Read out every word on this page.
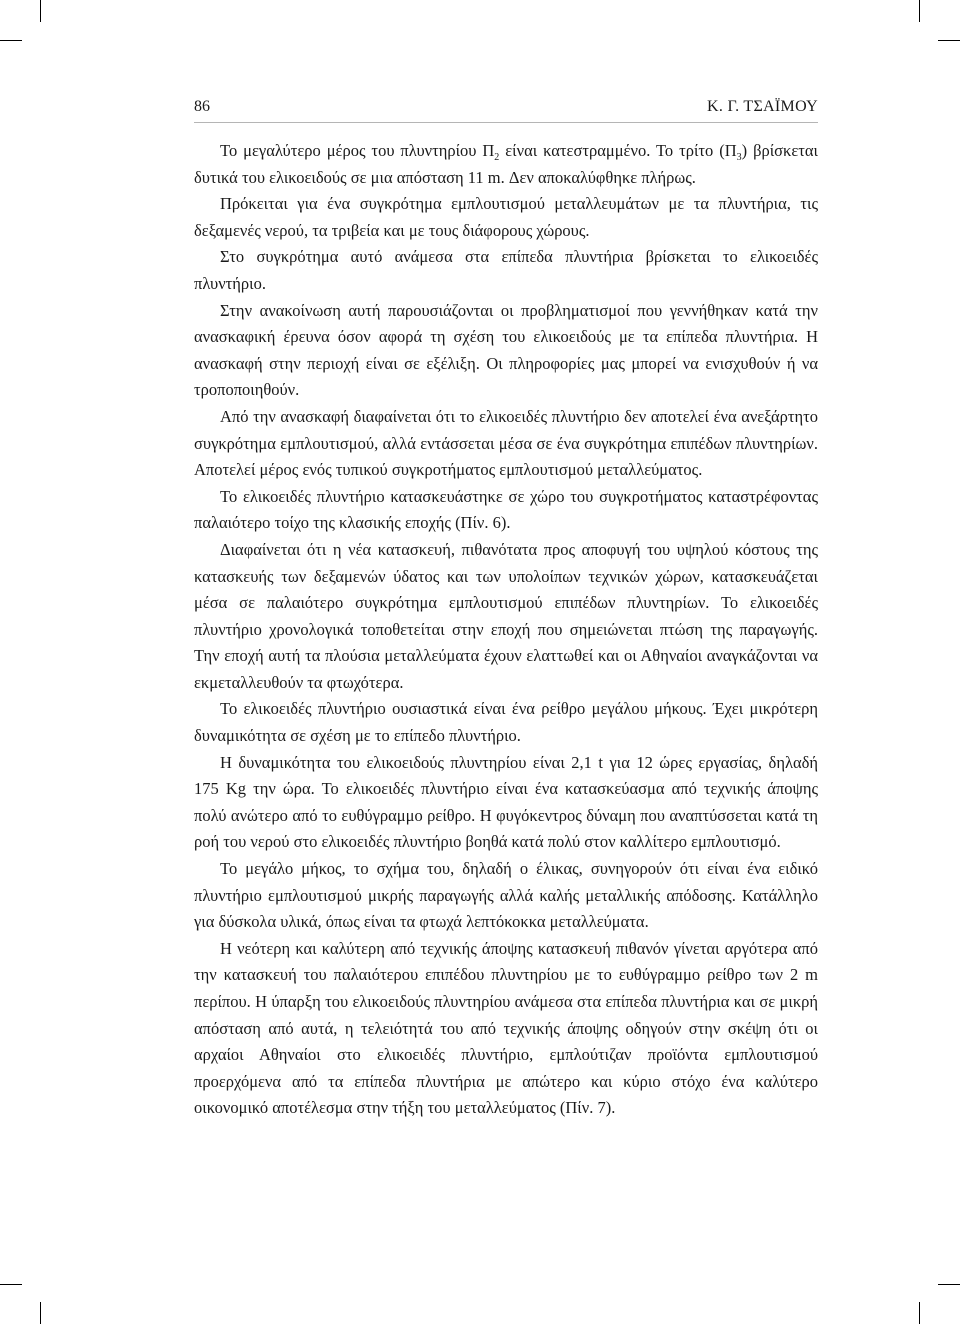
86	Κ. Γ. ΤΣΑΪΜΟΥ

Το μεγαλύτερο μέρος του πλυντηρίου $\Pi_2$ είναι κατεστραμμένο. Το τρίτο $(\Pi_3)$ βρίσκεται δυτικά του ελικοειδούς σε μια απόσταση 11 m. Δεν αποκαλύφθηκε πλήρως.

Πρόκειται για ένα συγκρότημα εμπλουτισμού μεταλλευμάτων με τα πλυντήρια, τις δεξαμενές νερού, τα τριβεία και με τους διάφορους χώρους.

Στο συγκρότημα αυτό ανάμεσα στα επίπεδα πλυντήρια βρίσκεται το ελικοειδές πλυντήριο.

Στην ανακοίνωση αυτή παρουσιάζονται οι προβληματισμοί που γεννήθηκαν κατά την ανασκαφική έρευνα όσον αφορά τη σχέση του ελικοειδούς με τα επίπεδα πλυντήρια. Η ανασκαφή στην περιοχή είναι σε εξέλιξη. Οι πληροφορίες μας μπορεί να ενισχυθούν ή να τροποποιηθούν.

Από την ανασκαφή διαφαίνεται ότι το ελικοειδές πλυντήριο δεν αποτελεί ένα ανεξάρτητο συγκρότημα εμπλουτισμού, αλλά εντάσσεται μέσα σε ένα συγκρότημα επιπέδων πλυντηρίων. Αποτελεί μέρος ενός τυπικού συγκροτήματος εμπλουτισμού μεταλλεύματος.

Το ελικοειδές πλυντήριο κατασκευάστηκε σε χώρο του συγκροτήματος καταστρέφοντας παλαιότερο τοίχο της κλασικής εποχής (Πίν. 6).

Διαφαίνεται ότι η νέα κατασκευή, πιθανότατα προς αποφυγή του υψηλού κόστους της κατασκευής των δεξαμενών ύδατος και των υπολοίπων τεχνικών χώρων, κατασκευάζεται μέσα σε παλαιότερο συγκρότημα εμπλουτισμού επιπέδων πλυντηρίων. Το ελικοειδές πλυντήριο χρονολογικά τοποθετείται στην εποχή που σημειώνεται πτώση της παραγωγής. Την εποχή αυτή τα πλούσια μεταλλεύματα έχουν ελαττωθεί και οι Αθηναίοι αναγκάζονται να εκμεταλλευθούν τα φτωχότερα.

Το ελικοειδές πλυντήριο ουσιαστικά είναι ένα ρείθρο μεγάλου μήκους. Έχει μικρότερη δυναμικότητα σε σχέση με το επίπεδο πλυντήριο.

Η δυναμικότητα του ελικοειδούς πλυντηρίου είναι 2,1 t για 12 ώρες εργασίας, δηλαδή 175 Kg την ώρα. Το ελικοειδές πλυντήριο είναι ένα κατασκεύασμα από τεχνικής άποψης πολύ ανώτερο από το ευθύγραμμο ρείθρο. Η φυγόκεντρος δύναμη που αναπτύσσεται κατά τη ροή του νερού στο ελικοειδές πλυντήριο βοηθά κατά πολύ στον καλλίτερο εμπλουτισμό.

Το μεγάλο μήκος, το σχήμα του, δηλαδή ο έλικας, συνηγορούν ότι είναι ένα ειδικό πλυντήριο εμπλουτισμού μικρής παραγωγής αλλά καλής μεταλλικής απόδοσης. Κατάλληλο για δύσκολα υλικά, όπως είναι τα φτωχά λεπτόκοκκα μεταλλεύματα.

Η νεότερη και καλύτερη από τεχνικής άποψης κατασκευή πιθανόν γίνεται αργότερα από την κατασκευή του παλαιότερου επιπέδου πλυντηρίου με το ευθύγραμμο ρείθρο των 2 m περίπου. Η ύπαρξη του ελικοειδούς πλυντηρίου ανάμεσα στα επίπεδα πλυντήρια και σε μικρή απόσταση από αυτά, η τελειότητά του από τεχνικής άποψης οδηγούν στην σκέψη ότι οι αρχαίοι Αθηναίοι στο ελικοειδές πλυντήριο, εμπλούτιζαν προϊόντα εμπλουτισμού προερχόμενα από τα επίπεδα πλυντήρια με απώτερο και κύριο στόχο ένα καλύτερο οικονομικό αποτέλεσμα στην τήξη του μεταλλεύματος (Πίν. 7).
